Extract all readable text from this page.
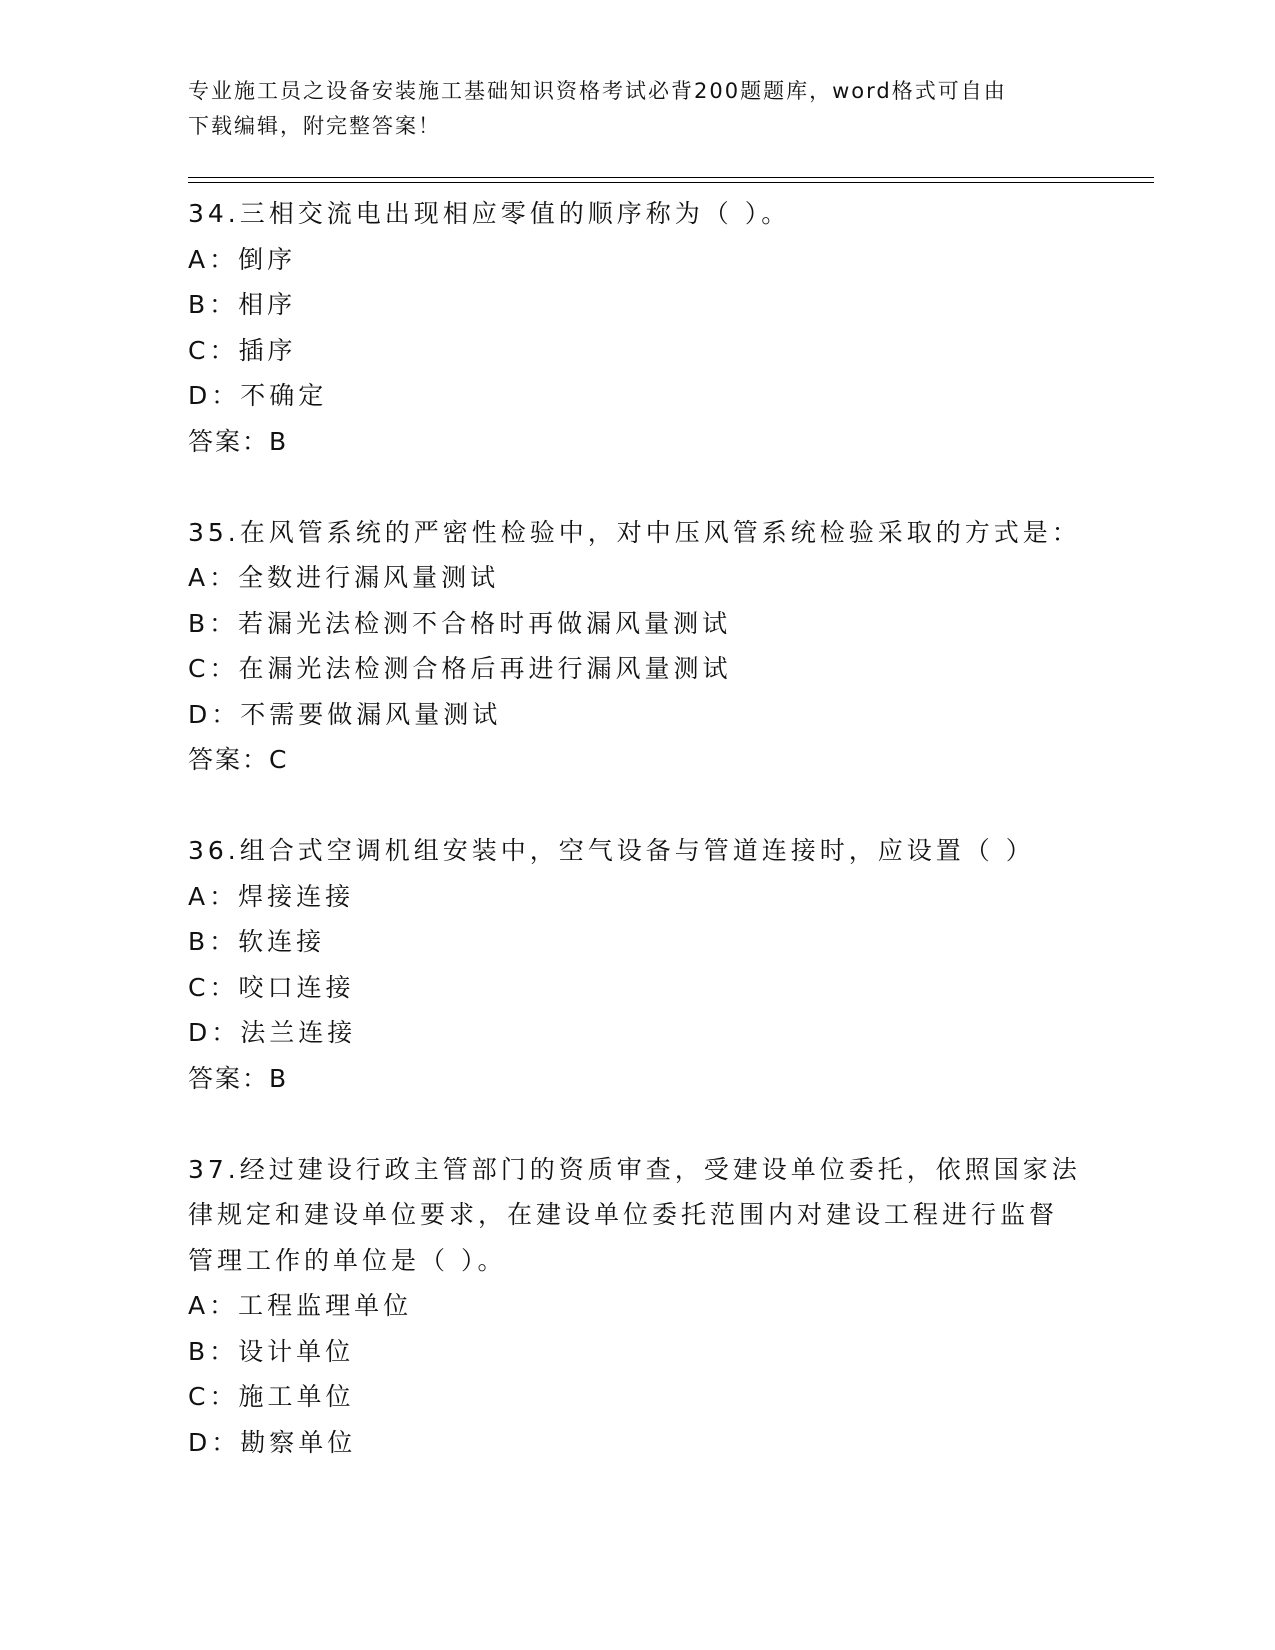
专业施工员之设备安装施工基础知识资格考试必背200题题库，word格式可自由
下载编辑，附完整答案！
34.三相交流电出现相应零值的顺序称为（ ）。
A：倒序
B：相序
C：插序
D：不确定
答案：B
35.在风管系统的严密性检验中，对中压风管系统检验采取的方式是：
A：全数进行漏风量测试
B：若漏光法检测不合格时再做漏风量测试
C：在漏光法检测合格后再进行漏风量测试
D：不需要做漏风量测试
答案：C
36.组合式空调机组安装中，空气设备与管道连接时，应设置（ ）
A：焊接连接
B：软连接
C：咬口连接
D：法兰连接
答案：B
37.经过建设行政主管部门的资质审查，受建设单位委托，依照国家法
律规定和建设单位要求，在建设单位委托范围内对建设工程进行监督
管理工作的单位是（ ）。
A：工程监理单位
B：设计单位
C：施工单位
D：勘察单位
